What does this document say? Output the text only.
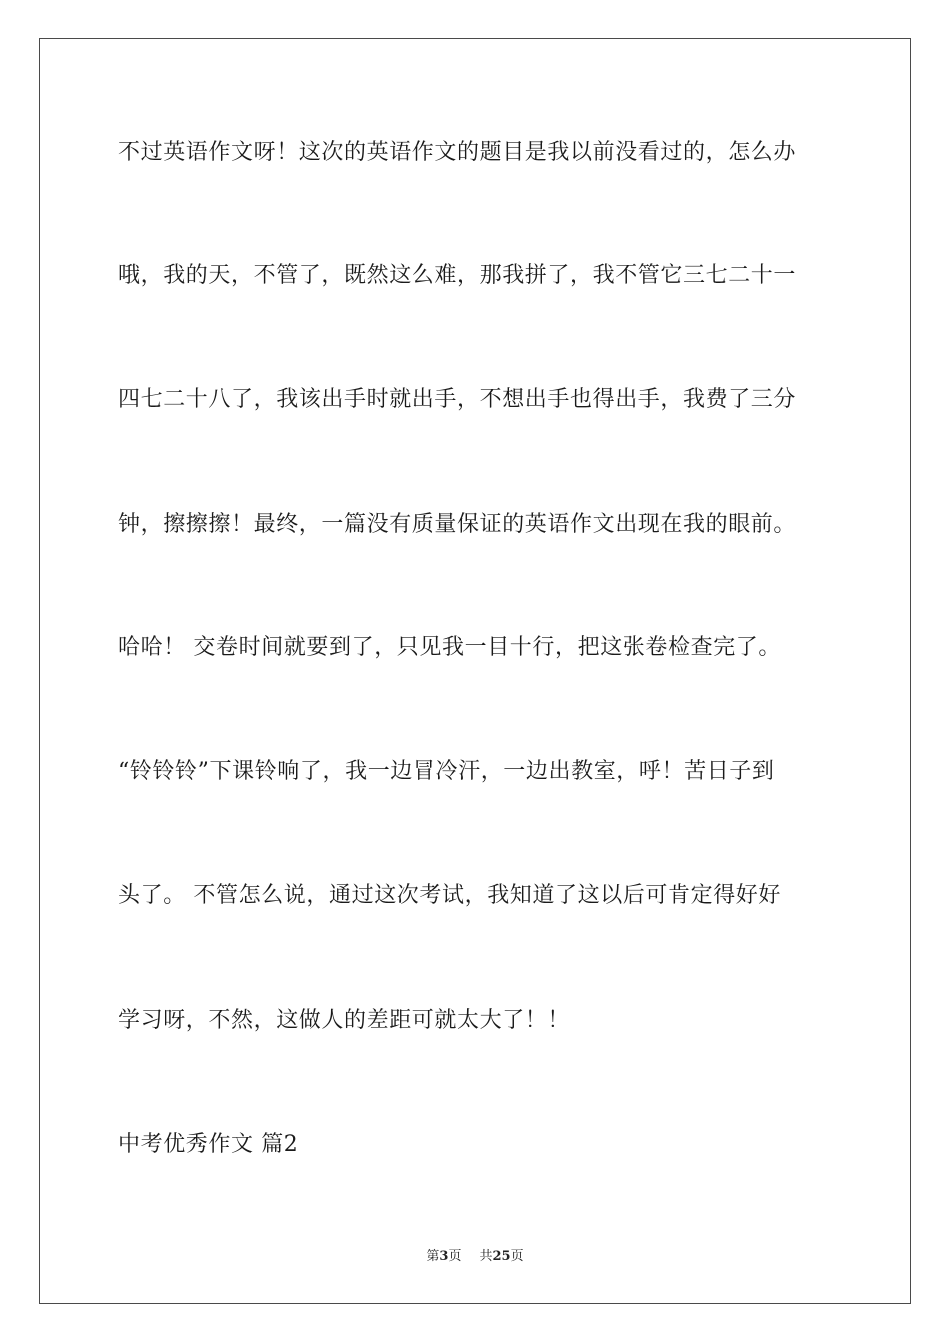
不过英语作文呀！这次的英语作文的题目是我以前没看过的，怎么办
哦，我的天，不管了，既然这么难，那我拼了，我不管它三七二十一
四七二十八了，我该出手时就出手，不想出手也得出手，我费了三分
钟，擦擦擦！最终，一篇没有质量保证的英语作文出现在我的眼前。
哈哈！ 交卷时间就要到了，只见我一目十行，把这张卷检查完了。
“铃铃铃”下课铃响了，我一边冒冷汗，一边出教室，呼！苦日子到
头了。 不管怎么说，通过这次考试，我知道了这以后可肯定得好好
学习呀，不然，这做人的差距可就太大了！！
中考优秀作文 篇2
第3页 共25页
